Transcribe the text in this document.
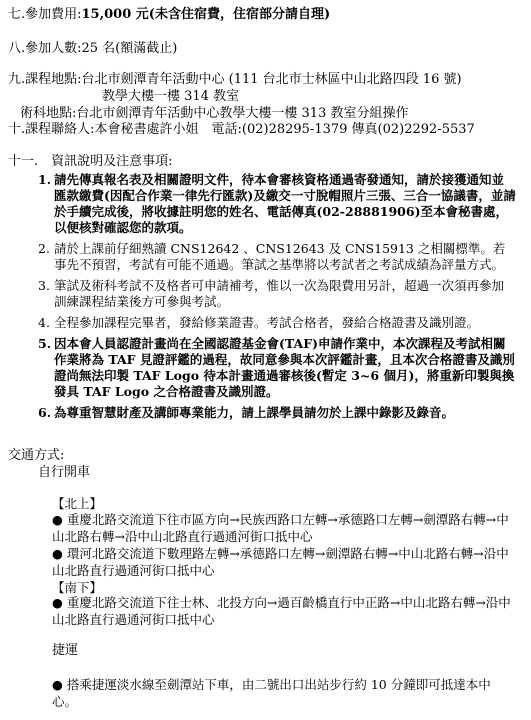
七.參加費用:15,000 元(未含住宿費，住宿部分請自理)
八.參加人數:25 名(額滿截止)
九.課程地點:台北市劍潭青年活動中心 (111 台北市士林區中山北路四段 16 號)
教學大樓一樓 314 教室
術科地點:台北市劍潭青年活動中心教學大樓一樓 313 教室分組操作
十.課程聯絡人:本會秘書處許小姐　電話:(02)28295-1379 傳真(02)2292-5537
十一.　資訊說明及注意事項:
1. 請先傳真報名表及相關證明文件，待本會審核資格通過寄發通知，請於接獲通知並匯款繳費(因配合作業一律先行匯款)及繳交一寸脫帽照片三張、三合一協議書，並請於手續完成後，將收據註明您的姓名、電話傳真(02-28881906)至本會秘書處，以便核對確認您的款項。
2. 請於上課前仔細熟讀 CNS12642 、CNS12643 及 CNS15913 之相關標準。若事先不預習，考試有可能不通過。筆試之基準將以考試者之考試成績為評量方式。
3. 筆試及術科考試不及格者可申請補考，惟以一次為限費用另計，超過一次須再參加訓練課程結業後方可參與考試。
4. 全程參加課程完畢者，發給修業證書。考試合格者，發給合格證書及識別證。
5. 因本會人員認證計畫尚在全國認證基金會(TAF)申請作業中，本次課程及考試相關作業將為 TAF 見證評鑑的過程，故同意參與本次評鑑計畫，且本次合格證書及識別證尚無法印製 TAF Logo 待本計畫通過審核後(暫定 3~6 個月)，將重新印製與換發具 TAF Logo 之合格證書及識別證。
6. 為尊重智慧財產及講師專業能力，請上課學員請勿於上課中錄影及錄音。
交通方式:
自行開車
【北上】
● 重慶北路交流道下往市區方向→民族西路口左轉→承德路口左轉→劍潭路右轉→中山北路右轉→沿中山北路直行過通河街口抵中心
● 環河北路交流道下數理路左轉→承德路口左轉→劍潭路右轉→中山北路右轉→沿中山北路直行過通河街口抵中心
【南下】
● 重慶北路交流道下往士林、北投方向→過百齡橋直行中正路→中山北路右轉→沿中山北路直行過通河街口抵中心
捷運
● 搭乘捷運淡水線至劍潭站下車，由二號出口出站步行約 10 分鐘即可抵達本中心。
